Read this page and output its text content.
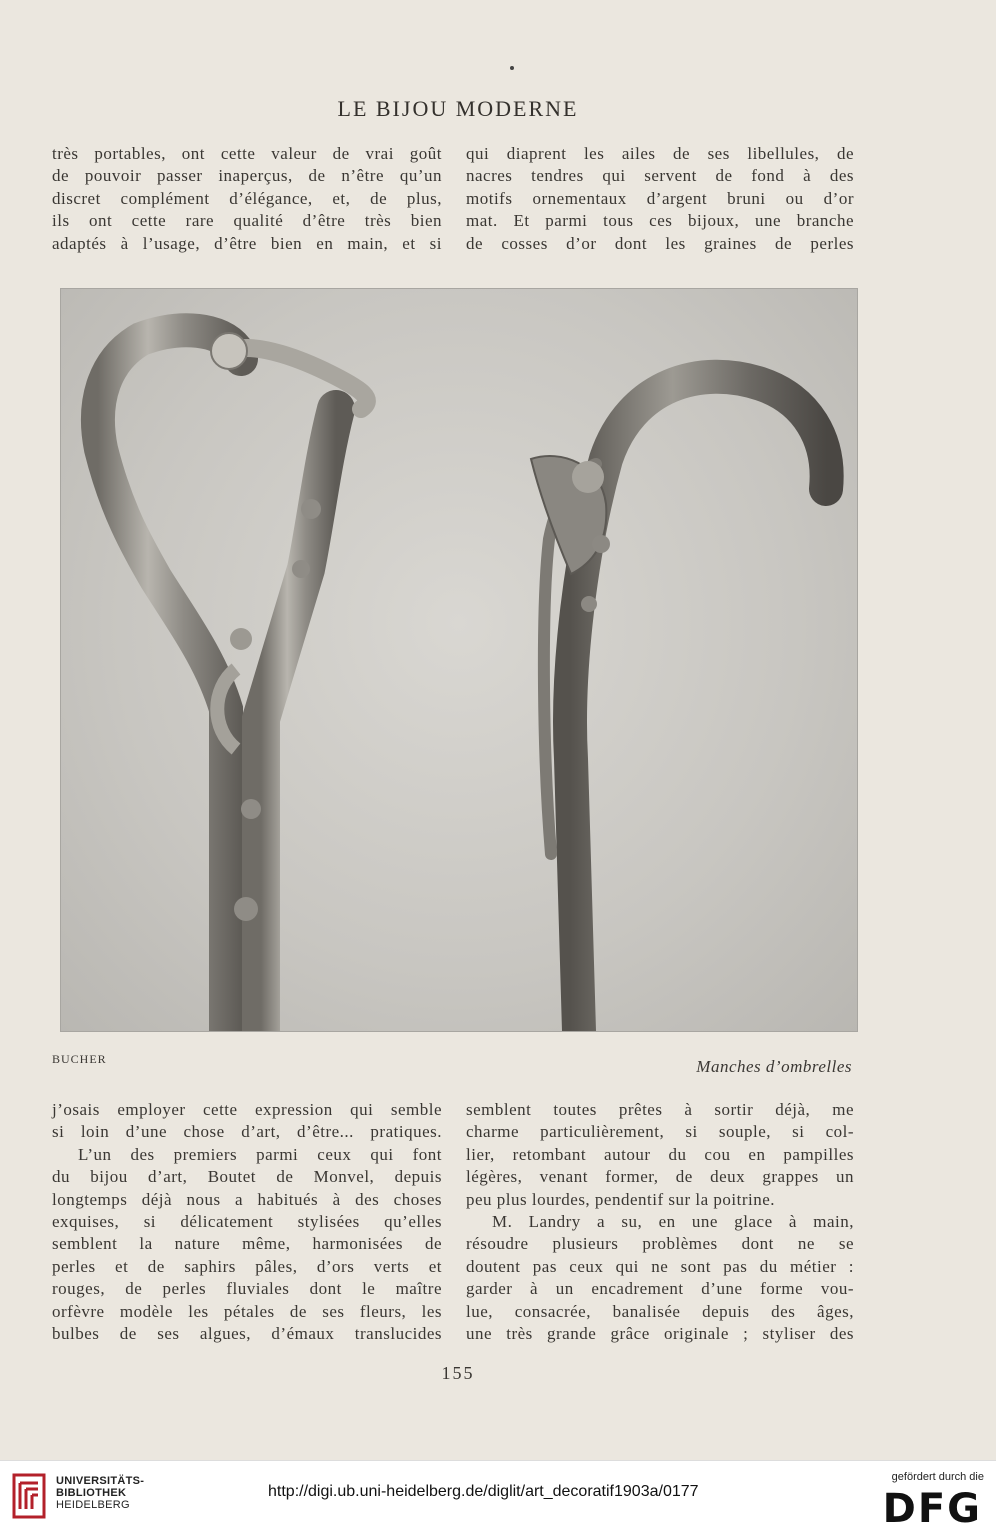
LE BIJOU MODERNE
très portables, ont cette valeur de vrai goût
de pouvoir passer inaperçus, de n’être qu’un
discret complément d’élégance, et, de plus,
ils ont cette rare qualité d’être très bien
adaptés à l’usage, d’être bien en main, et si
qui diaprent les ailes de ses libellules, de
nacres tendres qui servent de fond à des
motifs ornementaux d’argent bruni ou d’or
mat. Et parmi tous ces bijoux, une branche
de cosses d’or dont les graines de perles
BUCHER	Manches d’ombrelles
j’osais employer cette expression qui semble
si loin d’une chose d’art, d’être... pratiques.
L’un des premiers parmi ceux qui font
du bijou d’art, Boutet de Monvel, depuis
longtemps déjà nous a habitués à des choses
exquises, si délicatement stylisées qu’elles
semblent la nature même, harmonisées de
perles et de saphirs pâles, d’ors verts et
rouges, de perles fluviales dont le maître
orfèvre modèle les pétales de ses fleurs, les
bulbes de ses algues, d’émaux translucides
semblent toutes prêtes à sortir déjà, me
charme particulièrement, si souple, si col-
lier, retombant autour du cou en pampilles
légères, venant former, de deux grappes un
peu plus lourdes, pendentif sur la poitrine.
M. Landry a su, en une glace à main,
résoudre plusieurs problèmes dont ne se
doutent pas ceux qui ne sont pas du métier :
garder à un encadrement d’une forme vou-
lue, consacrée, banalisée depuis des âges,
une très grande grâce originale ; styliser des
155
UNIVERSITÄTS-
BIBLIOTHEK
HEIDELBERG
http://digi.ub.uni-heidelberg.de/diglit/art_decoratif1903a/0177
gefördert durch die
DFG
